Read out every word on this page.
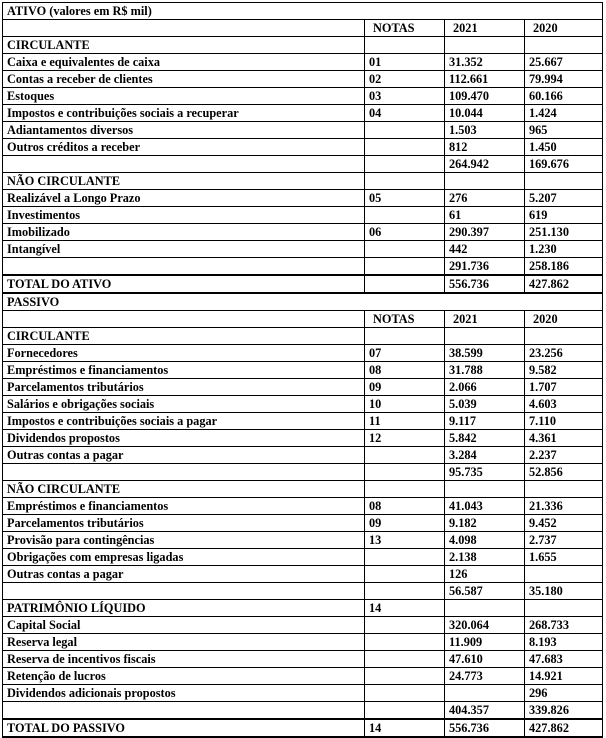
ATIVO (valores em R$ mil)			
	NOTAS	2021	2020
CIRCULANTE			
Caixa e equivalentes de caixa	01	31.352	25.667
Contas a receber de clientes	02	112.661	79.994
Estoques	03	109.470	60.166
Impostos e contribuições sociais a recuperar	04	10.044	1.424
Adiantamentos diversos		1.503	965
Outros créditos a receber		812	1.450
		264.942	169.676
NÃO CIRCULANTE			
Realizável a Longo Prazo	05	276	5.207
Investimentos		61	619
Imobilizado	06	290.397	251.130
Intangível		442	1.230
		291.736	258.186
TOTAL DO ATIVO		556.736	427.862
PASSIVO			
	NOTAS	2021	2020
CIRCULANTE			
Fornecedores	07	38.599	23.256
Empréstimos e financiamentos	08	31.788	9.582
Parcelamentos tributários	09	2.066	1.707
Salários e obrigações sociais	10	5.039	4.603
Impostos e contribuições sociais a pagar	11	9.117	7.110
Dividendos propostos	12	5.842	4.361
Outras contas a pagar		3.284	2.237
		95.735	52.856
NÃO CIRCULANTE			
Empréstimos e financiamentos	08	41.043	21.336
Parcelamentos tributários	09	9.182	9.452
Provisão para contingências	13	4.098	2.737
Obrigações com empresas ligadas		2.138	1.655
Outras contas a pagar		126	
		56.587	35.180
PATRIMÔNIO LÍQUIDO	14		
Capital Social		320.064	268.733
Reserva legal		11.909	8.193
Reserva de incentivos fiscais		47.610	47.683
Retenção de lucros		24.773	14.921
Dividendos adicionais propostos			296
		404.357	339.826
TOTAL DO PASSIVO	14	556.736	427.862
